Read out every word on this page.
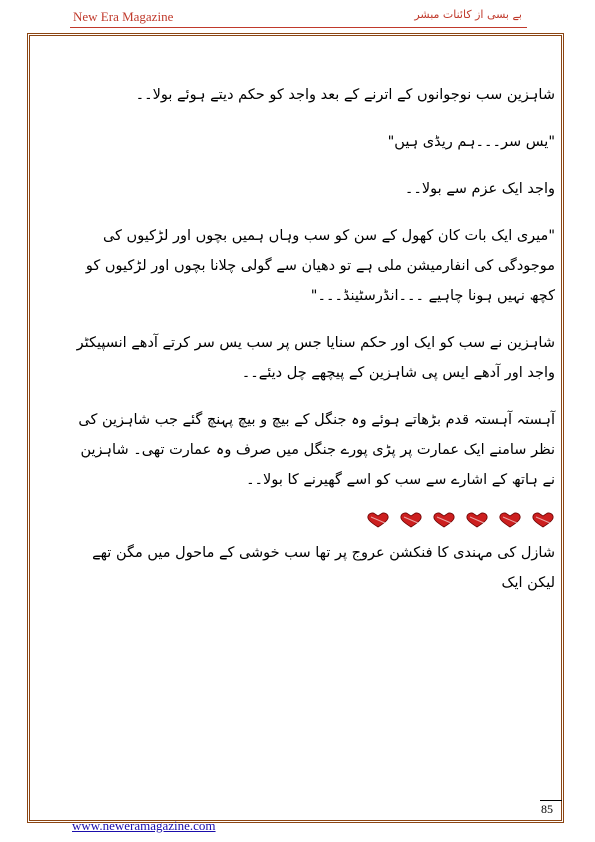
New Era Magazine	بے بسی از کائنات مبشر

شاہزین سب نوجوانوں کے اترنے کے بعد واجد کو حکم دیتے ہوئے بولا۔۔

"یس سر۔۔۔ہم ریڈی ہیں"

واجد ایک عزم سے بولا۔۔

"میری ایک بات کان کھول کے سن کو سب وہاں ہمیں بچوں اور لڑکیوں کی موجودگی کی انفارمیشن ملی ہے تو دھیان سے گولی چلانا بچوں اور لڑکیوں کو کچھ نہیں ہونا چاہیے ۔۔۔انڈرسٹینڈ۔۔۔"

شاہزین نے سب کو ایک اور حکم سنایا جس پر سب یس سر کرتے آدھے انسپیکٹر واجد اور آدھے ایس پی شاہزین کے پیچھے چل دیئے۔۔

آہستہ آہستہ قدم بڑھاتے ہوئے وہ جنگل کے بیچ و بیچ پہنچ گئے جب شاہزین کی نظر سامنے ایک عمارت پر پڑی پورے جنگل میں صرف وہ عمارت تھی۔ شاہزین نے ہاتھ کے اشارے سے سب کو اسے گھیرنے کا بولا۔۔

شازل کی مہندی کا فنکشن عروج پر تھا سب خوشی کے ماحول میں مگن تھے لیکن ایک

85
www.neweramagazine.com
